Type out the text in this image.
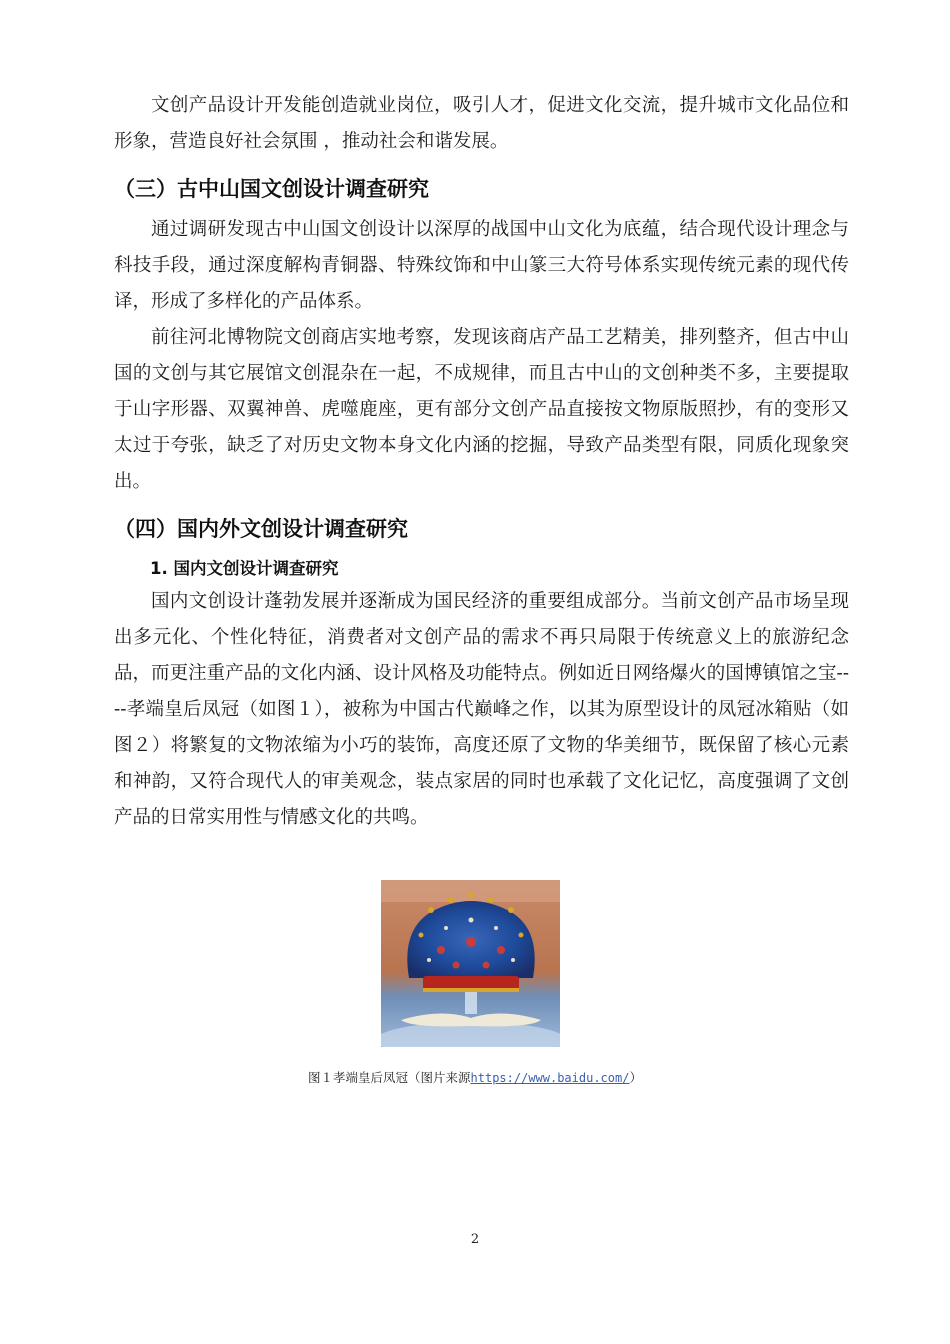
文创产品设计开发能创造就业岗位，吸引人才，促进文化交流，提升城市文化品位和形象，营造良好社会氛围 ，推动社会和谐发展。

（三）古中山国文创设计调查研究

通过调研发现古中山国文创设计以深厚的战国中山文化为底蕴，结合现代设计理念与科技手段，通过深度解构青铜器、特殊纹饰和中山篆三大符号体系实现传统元素的现代传译，形成了多样化的产品体系。

前往河北博物院文创商店实地考察，发现该商店产品工艺精美，排列整齐，但古中山国的文创与其它展馆文创混杂在一起，不成规律，而且古中山的文创种类不多，主要提取于山字形器、双翼神兽、虎噬鹿座，更有部分文创产品直接按文物原版照抄，有的变形又太过于夸张，缺乏了对历史文物本身文化内涵的挖掘，导致产品类型有限，同质化现象突出。

（四）国内外文创设计调查研究
1. 国内文创设计调查研究

国内文创设计蓬勃发展并逐渐成为国民经济的重要组成部分。当前文创产品市场呈现出多元化、个性化特征，消费者对文创产品的需求不再只局限于传统意义上的旅游纪念品，而更注重产品的文化内涵、设计风格及功能特点。例如近日网络爆火的国博镇馆之宝----孝端皇后凤冠（如图１），被称为中国古代巅峰之作，以其为原型设计的凤冠冰箱贴（如图２）将繁复的文物浓缩为小巧的装饰，高度还原了文物的华美细节，既保留了核心元素和神韵，又符合现代人的审美观念，装点家居的同时也承载了文化记忆，高度强调了文创产品的日常实用性与情感文化的共鸣。

图１孝端皇后凤冠（图片来源https://www.baidu.com/）
2
